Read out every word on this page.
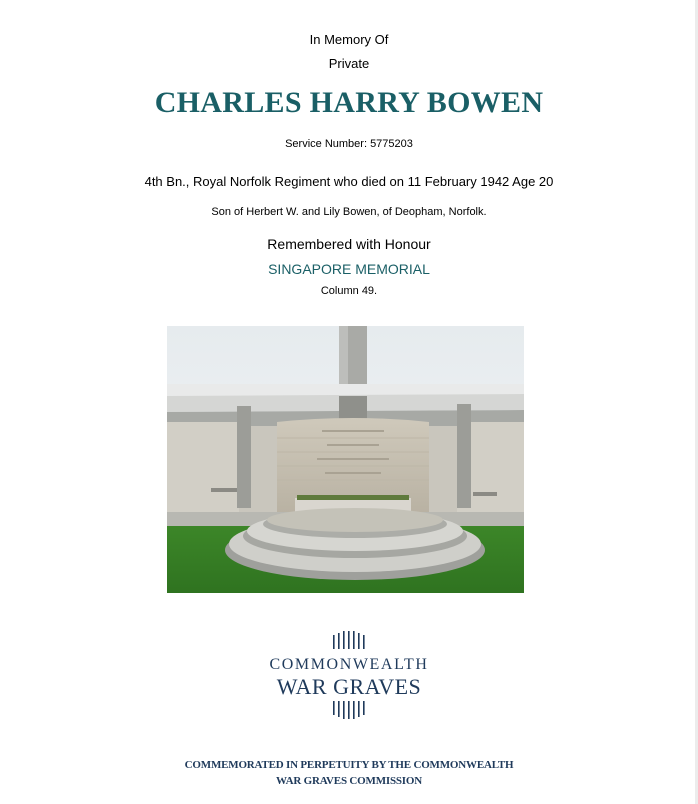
In Memory Of
Private
CHARLES HARRY BOWEN
Service Number: 5775203
4th Bn., Royal Norfolk Regiment who died on 11 February 1942 Age 20
Son of Herbert W. and Lily Bowen, of Deopham, Norfolk.
Remembered with Honour
SINGAPORE MEMORIAL
Column 49.
COMMONWEALTH
WAR GRAVES
COMMEMORATED IN PERPETUITY BY THE COMMONWEALTH
WAR GRAVES COMMISSION
